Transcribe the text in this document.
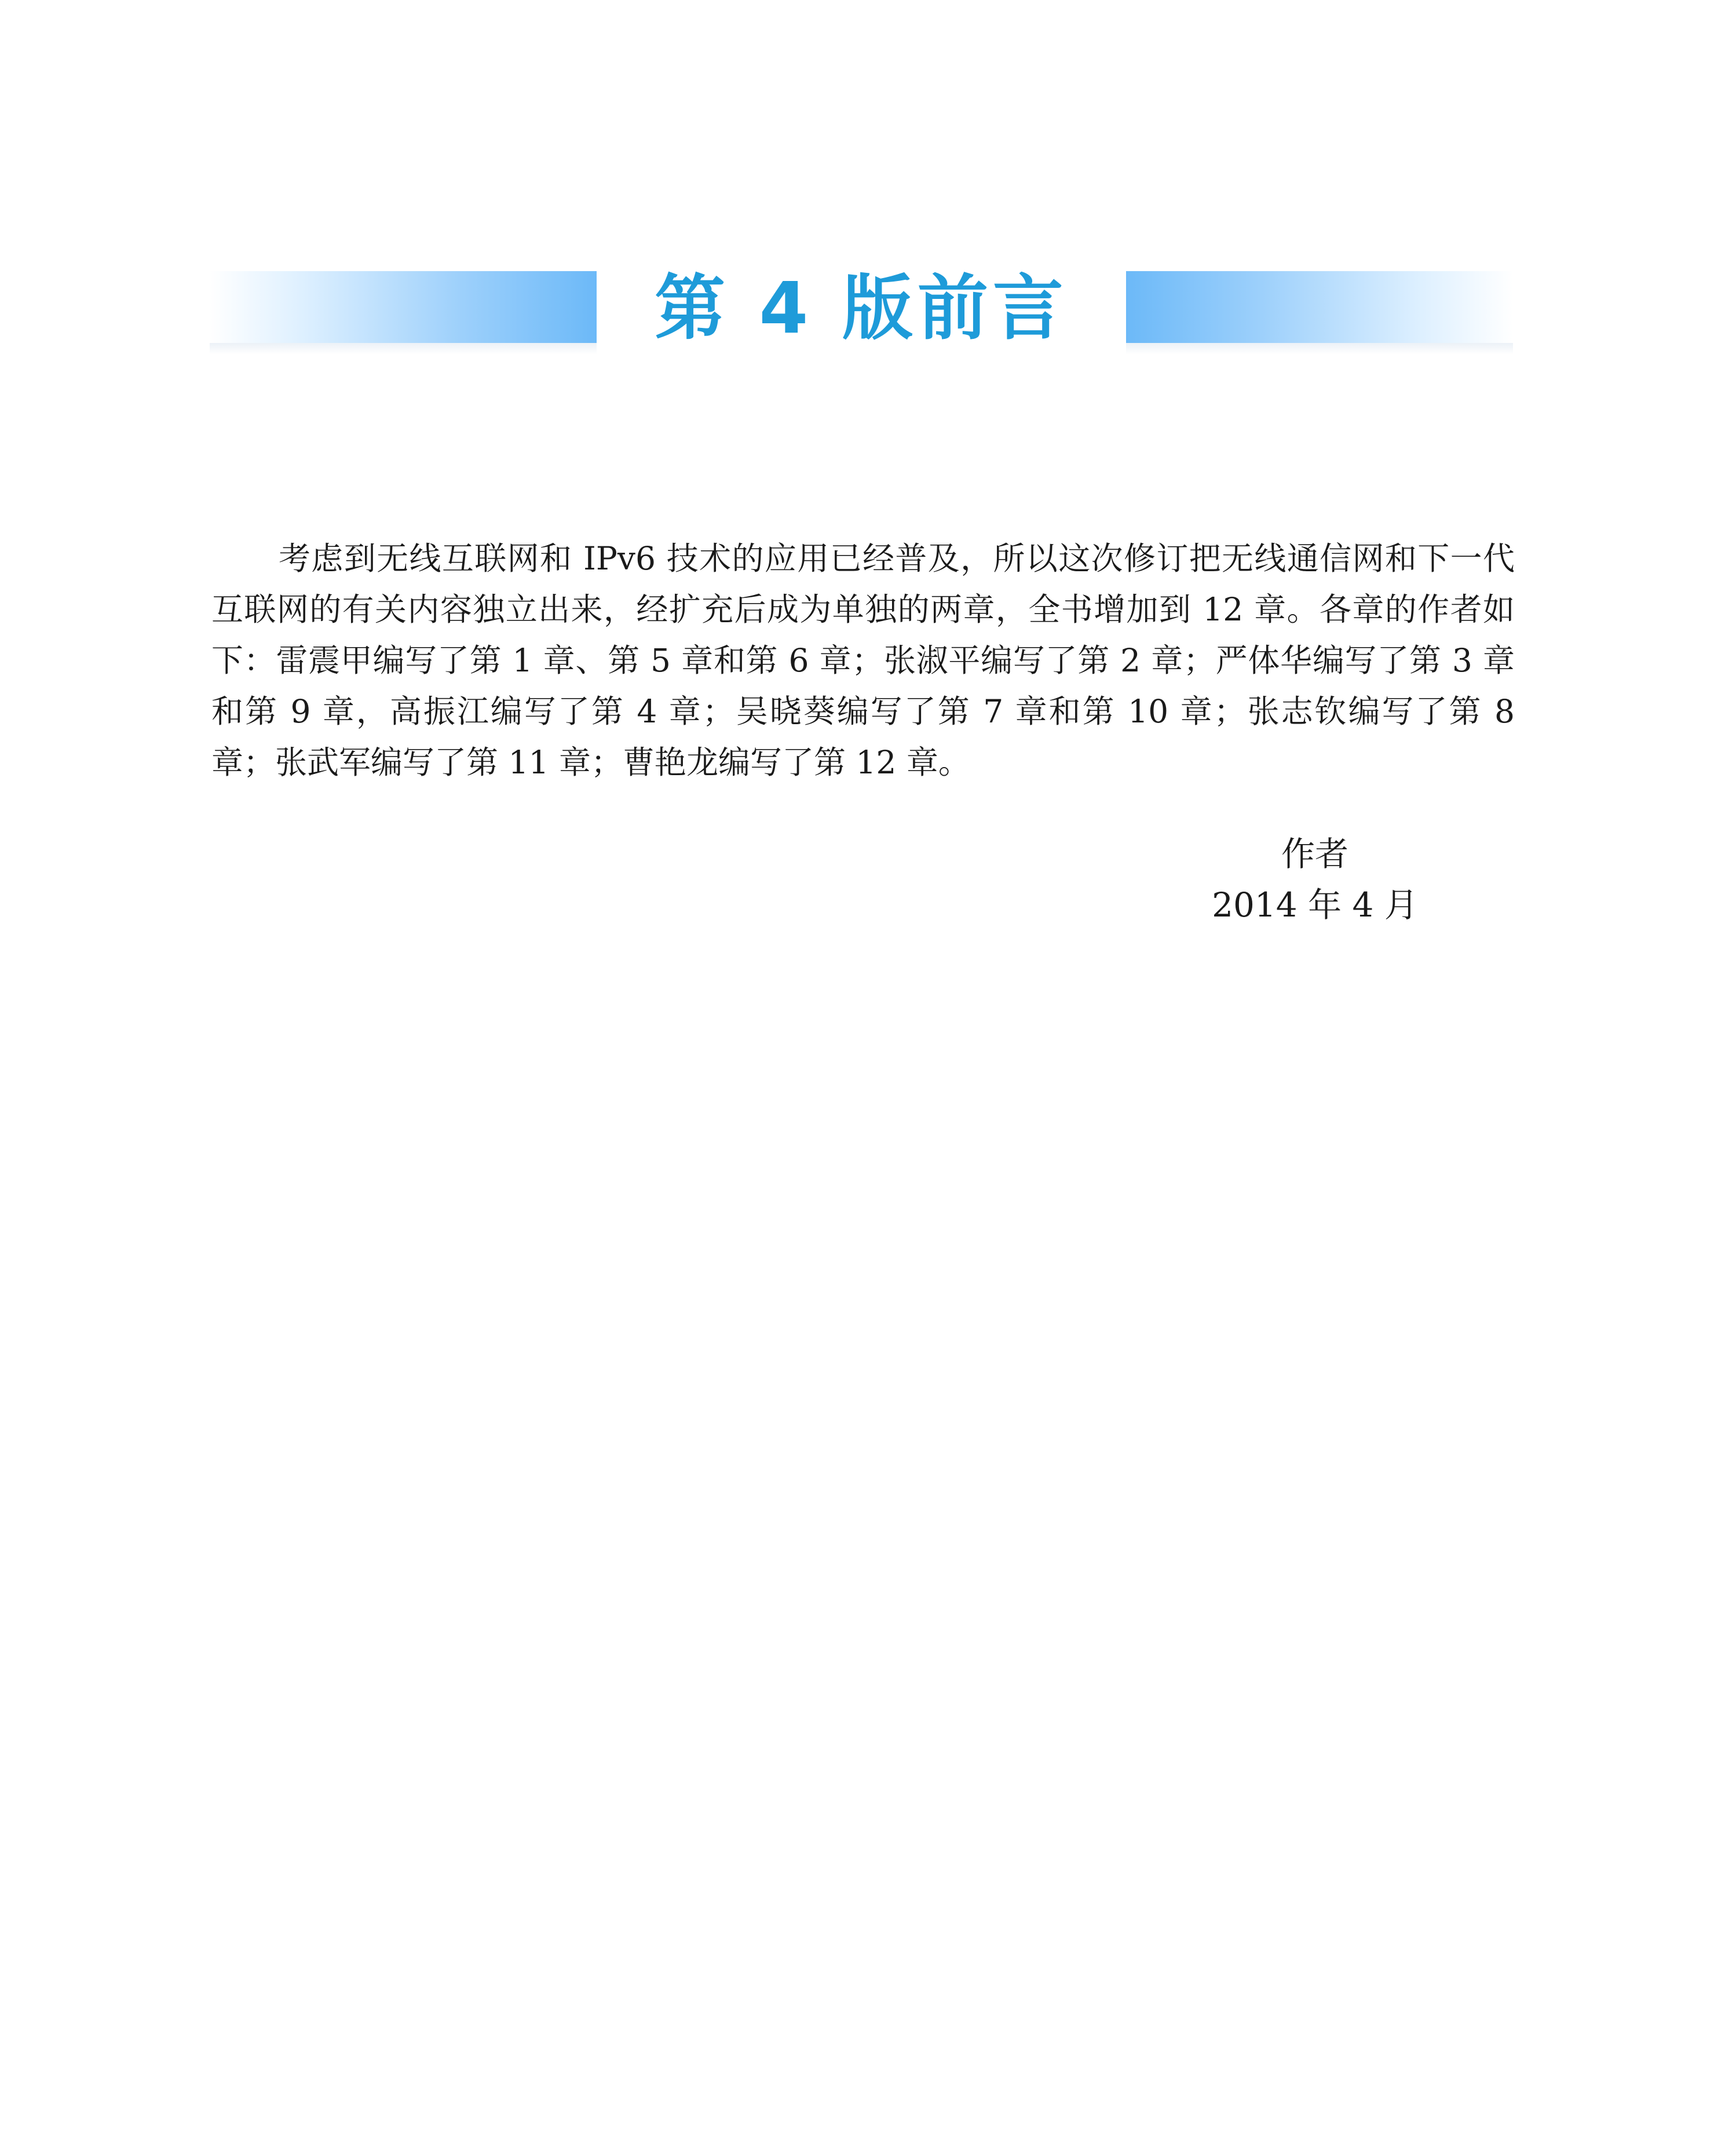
第 4 版前言

考虑到无线互联网和 IPv6 技术的应用已经普及，所以这次修订把无线通信网和下一代互联网的有关内容独立出来，经扩充后成为单独的两章，全书增加到 12 章。各章的作者如下：雷震甲编写了第 1 章、第 5 章和第 6 章；张淑平编写了第 2 章；严体华编写了第 3 章和第 9 章，高振江编写了第 4 章；吴晓葵编写了第 7 章和第 10 章；张志钦编写了第 8 章；张武军编写了第 11 章；曹艳龙编写了第 12 章。

作者
2014 年 4 月
